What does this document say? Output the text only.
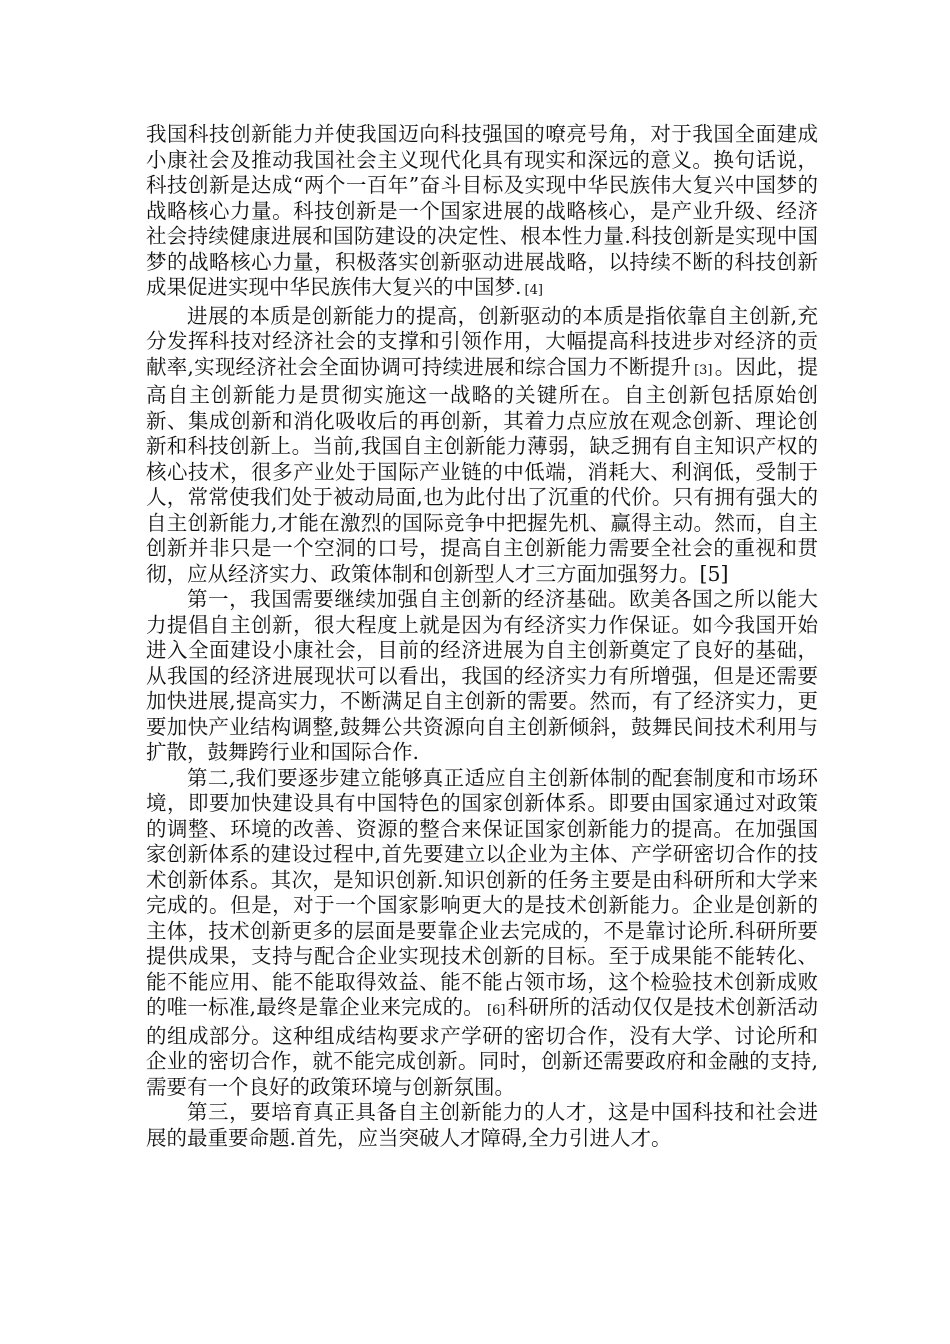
我国科技创新能力并使我国迈向科技强国的嘹亮号角，对于我国全面建成小康社会及推动我国社会主义现代化具有现实和深远的意义。换句话说，科技创新是达成“两个一百年”奋斗目标及实现中华民族伟大复兴中国梦的战略核心力量。科技创新是一个国家进展的战略核心，是产业升级、经济社会持续健康进展和国防建设的决定性、根本性力量.科技创新是实现中国梦的战略核心力量，积极落实创新驱动进展战略，以持续不断的科技创新成果促进实现中华民族伟大复兴的中国梦. [4]

进展的本质是创新能力的提高，创新驱动的本质是指依靠自主创新,充分发挥科技对经济社会的支撑和引领作用，大幅提高科技进步对经济的贡献率,实现经济社会全面协调可持续进展和综合国力不断提升 [3]。因此，提高自主创新能力是贯彻实施这一战略的关键所在。自主创新包括原始创新、集成创新和消化吸收后的再创新，其着力点应放在观念创新、理论创新和科技创新上。当前,我国自主创新能力薄弱，缺乏拥有自主知识产权的核心技术，很多产业处于国际产业链的中低端，消耗大、利润低，受制于人，常常使我们处于被动局面,也为此付出了沉重的代价。只有拥有强大的自主创新能力,才能在激烈的国际竞争中把握先机、赢得主动。然而，自主创新并非只是一个空洞的口号，提高自主创新能力需要全社会的重视和贯彻，应从经济实力、政策体制和创新型人才三方面加强努力。[5]

第一，我国需要继续加强自主创新的经济基础。欧美各国之所以能大力提倡自主创新，很大程度上就是因为有经济实力作保证。如今我国开始进入全面建设小康社会，目前的经济进展为自主创新奠定了良好的基础，从我国的经济进展现状可以看出，我国的经济实力有所增强，但是还需要加快进展,提高实力，不断满足自主创新的需要。然而，有了经济实力，更要加快产业结构调整,鼓舞公共资源向自主创新倾斜，鼓舞民间技术利用与扩散，鼓舞跨行业和国际合作.

第二,我们要逐步建立能够真正适应自主创新体制的配套制度和市场环境，即要加快建设具有中国特色的国家创新体系。即要由国家通过对政策的调整、环境的改善、资源的整合来保证国家创新能力的提高。在加强国家创新体系的建设过程中,首先要建立以企业为主体、产学研密切合作的技术创新体系。其次，是知识创新.知识创新的任务主要是由科研所和大学来完成的。但是，对于一个国家影响更大的是技术创新能力。企业是创新的主体，技术创新更多的层面是要靠企业去完成的，不是靠讨论所.科研所要提供成果，支持与配合企业实现技术创新的目标。至于成果能不能转化、能不能应用、能不能取得效益、能不能占领市场，这个检验技术创新成败的唯一标准,最终是靠企业来完成的。 [6]科研所的活动仅仅是技术创新活动的组成部分。这种组成结构要求产学研的密切合作，没有大学、讨论所和企业的密切合作，就不能完成创新。同时，创新还需要政府和金融的支持,需要有一个良好的政策环境与创新氛围。

第三，要培育真正具备自主创新能力的人才，这是中国科技和社会进展的最重要命题.首先，应当突破人才障碍,全力引进人才。
